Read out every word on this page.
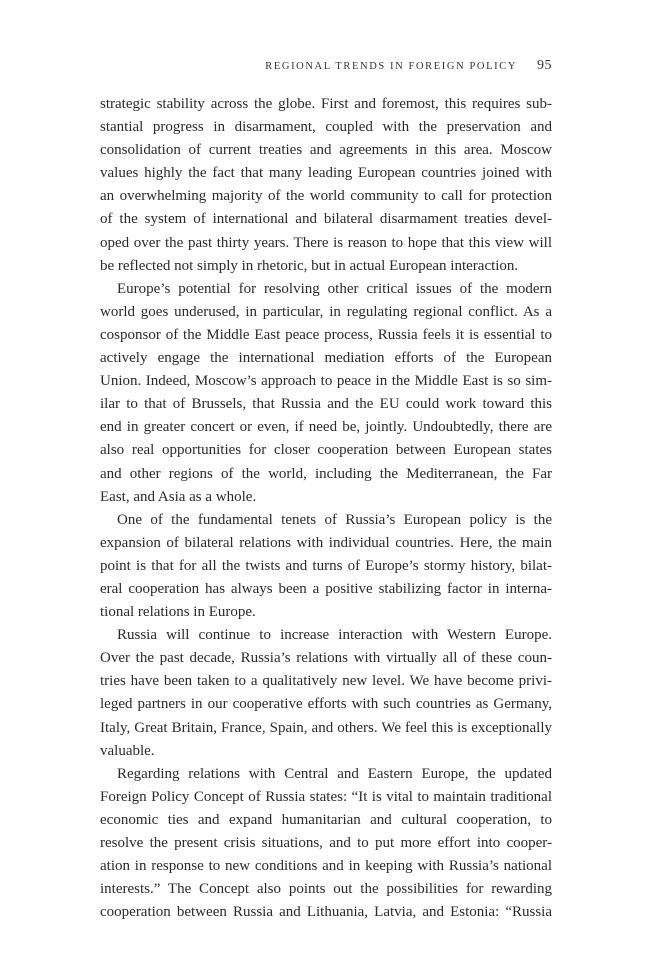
REGIONAL TRENDS IN FOREIGN POLICY 95
strategic stability across the globe. First and foremost, this requires sub-
stantial progress in disarmament, coupled with the preservation and
consolidation of current treaties and agreements in this area. Moscow
values highly the fact that many leading European countries joined with
an overwhelming majority of the world community to call for protection
of the system of international and bilateral disarmament treaties devel-
oped over the past thirty years. There is reason to hope that this view will
be reflected not simply in rhetoric, but in actual European interaction.
Europe’s potential for resolving other critical issues of the modern
world goes underused, in particular, in regulating regional conflict. As a
cosponsor of the Middle East peace process, Russia feels it is essential to
actively engage the international mediation efforts of the European
Union. Indeed, Moscow’s approach to peace in the Middle East is so sim-
ilar to that of Brussels, that Russia and the EU could work toward this
end in greater concert or even, if need be, jointly. Undoubtedly, there are
also real opportunities for closer cooperation between European states
and other regions of the world, including the Mediterranean, the Far
East, and Asia as a whole.
One of the fundamental tenets of Russia’s European policy is the
expansion of bilateral relations with individual countries. Here, the main
point is that for all the twists and turns of Europe’s stormy history, bilat-
eral cooperation has always been a positive stabilizing factor in interna-
tional relations in Europe.
Russia will continue to increase interaction with Western Europe.
Over the past decade, Russia’s relations with virtually all of these coun-
tries have been taken to a qualitatively new level. We have become privi-
leged partners in our cooperative efforts with such countries as Germany,
Italy, Great Britain, France, Spain, and others. We feel this is exceptionally
valuable.
Regarding relations with Central and Eastern Europe, the updated
Foreign Policy Concept of Russia states: “It is vital to maintain traditional
economic ties and expand humanitarian and cultural cooperation, to
resolve the present crisis situations, and to put more effort into cooper-
ation in response to new conditions and in keeping with Russia’s national
interests.” The Concept also points out the possibilities for rewarding
cooperation between Russia and Lithuania, Latvia, and Estonia: “Russia
